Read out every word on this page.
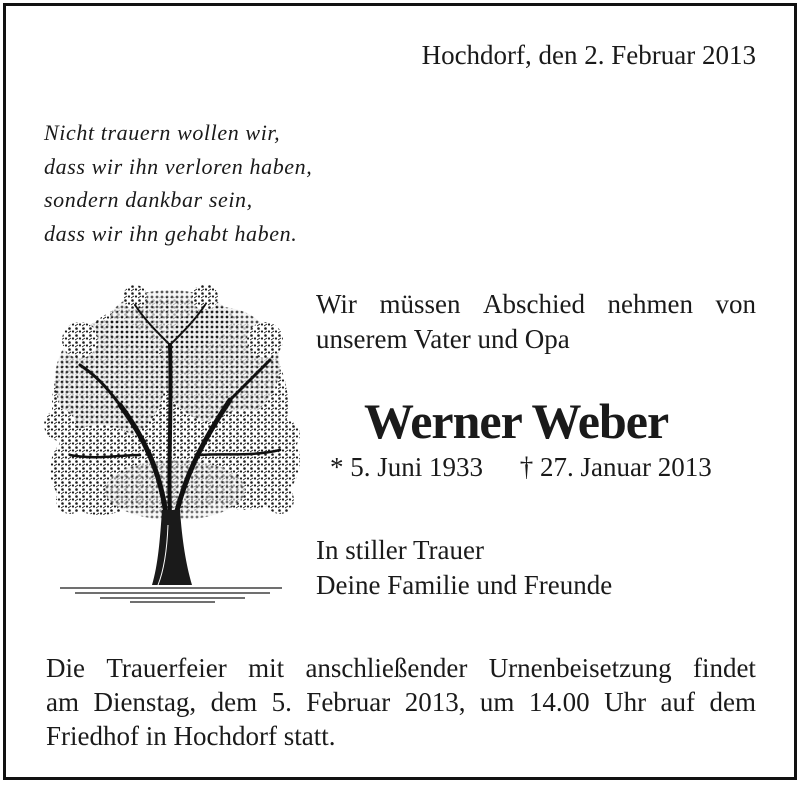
Hochdorf, den 2. Februar 2013
Nicht trauern wollen wir,
dass wir ihn verloren haben,
sondern dankbar sein,
dass wir ihn gehabt haben.
Wir müssen Abschied nehmen von
unserem Vater und Opa
Werner Weber
* 5. Juni 1933 † 27. Januar 2013
In stiller Trauer
Deine Familie und Freunde
Die Trauerfeier mit anschließender Urnenbeisetzung findet
am Dienstag, dem 5. Februar 2013, um 14.00 Uhr auf dem
Friedhof in Hochdorf statt.
